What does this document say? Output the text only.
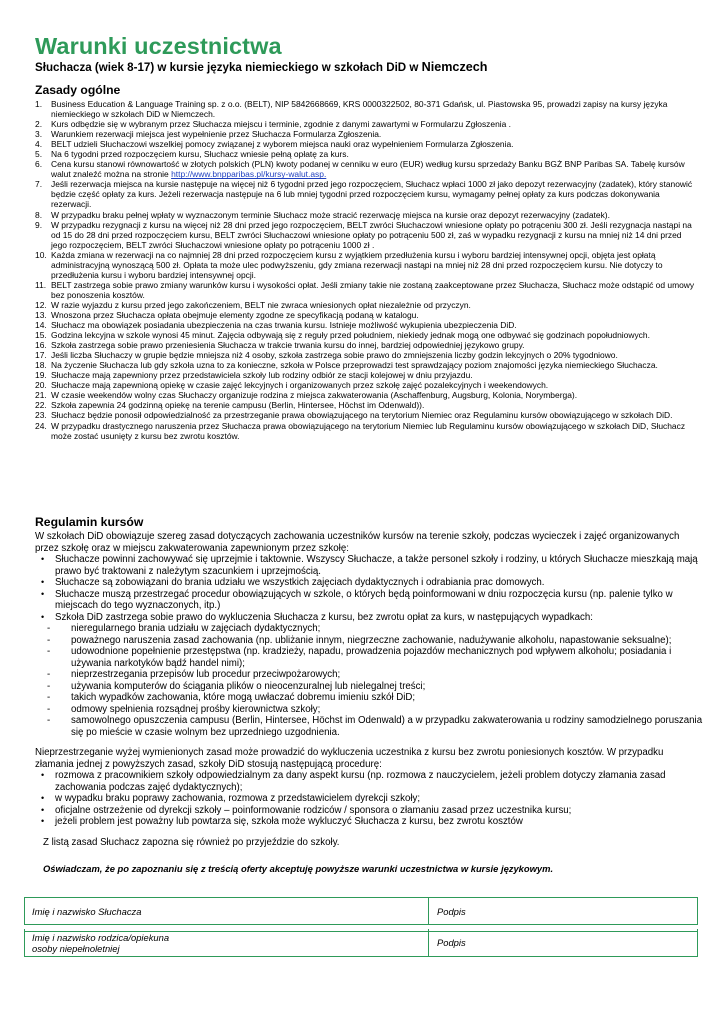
Warunki uczestnictwa
Słuchacza (wiek 8-17) w kursie języka niemieckiego w szkołach DiD w Niemczech
Zasady ogólne
1. Business Education & Language Training sp. z o.o. (BELT), NIP 5842668669, KRS 0000322502, 80-371 Gdańsk, ul. Piastowska 95, prowadzi zapisy na kursy języka niemieckiego w szkołach DiD w Niemczech.
2. Kurs odbędzie się w wybranym przez Słuchacza miejscu i terminie, zgodnie z danymi zawartymi w Formularzu Zgłoszenia .
3. Warunkiem rezerwacji miejsca jest wypełnienie przez Słuchacza Formularza Zgłoszenia.
4. BELT udzieli Słuchaczowi wszelkiej pomocy związanej z wyborem miejsca nauki oraz wypełnieniem Formularza Zgłoszenia.
5. Na 6 tygodni przed rozpoczęciem kursu, Słuchacz wniesie pełną opłatę za kurs.
6. Cena kursu stanowi równowartość w złotych polskich (PLN) kwoty podanej w cenniku w euro (EUR) według kursu sprzedaży Banku BGŻ BNP Paribas SA. Tabelę kursów walut znaleźć można na stronie http://www.bnpparibas.pl/kursy-walut.asp.
7. Jeśli rezerwacja miejsca na kursie następuje na więcej niż 6 tygodni przed jego rozpoczęciem, Słuchacz wpłaci 1000 zł jako depozyt rezerwacyjny (zadatek), który stanowić będzie część opłaty za kurs. Jeżeli rezerwacja następuje na 6 lub mniej tygodni przed rozpoczęciem kursu, wymagamy pełnej opłaty za kurs podczas dokonywania rezerwacji.
8. W przypadku braku pełnej wpłaty w wyznaczonym terminie Słuchacz może stracić rezerwację miejsca na kursie oraz depozyt rezerwacyjny (zadatek).
9. W przypadku rezygnacji z kursu na więcej niż 28 dni przed jego rozpoczęciem, BELT zwróci Słuchaczowi wniesione opłaty po potrąceniu 300 zł. Jeśli rezygnacja nastąpi na od 15 do 28 dni przed rozpoczęciem kursu, BELT zwróci Słuchaczowi wniesione opłaty po potrąceniu 500 zł, zaś w wypadku rezygnacji z kursu na mniej niż 14 dni przed jego rozpoczęciem, BELT zwróci Słuchaczowi wniesione opłaty po potrąceniu 1000 zł .
10. Każda zmiana w rezerwacji na co najmniej 28 dni przed rozpoczęciem kursu z wyjątkiem przedłużenia kursu i wyboru bardziej intensywnej opcji, objęta jest opłatą administracyjną wynoszącą 500 zł. Opłata ta może ulec podwyższeniu, gdy zmiana rezerwacji nastąpi na mniej niż 28 dni przed rozpoczęciem kursu. Nie dotyczy to przedłużenia kursu i wyboru bardziej intensywnej opcji.
11. BELT zastrzega sobie prawo zmiany warunków kursu i wysokości opłat. Jeśli zmiany takie nie zostaną zaakceptowane przez Słuchacza, Słuchacz może odstąpić od umowy bez ponoszenia kosztów.
12. W razie wyjazdu z kursu przed jego zakończeniem, BELT nie zwraca wniesionych opłat niezależnie od przyczyn.
13. Wnoszona przez Słuchacza opłata obejmuje elementy zgodne ze specyfikacją podaną w katalogu.
14. Słuchacz ma obowiązek posiadania ubezpieczenia na czas trwania kursu. Istnieje możliwość wykupienia ubezpieczenia DiD.
15. Godzina lekcyjna w szkole wynosi 45 minut. Zajęcia odbywają się z reguły przed południem, niekiedy jednak mogą one odbywać się godzinach popołudniowych.
16. Szkoła zastrzega sobie prawo przeniesienia Słuchacza w trakcie trwania kursu do innej, bardziej odpowiedniej językowo grupy.
17. Jeśli liczba Słuchaczy w grupie będzie mniejsza niż 4 osoby, szkoła zastrzega sobie prawo do zmniejszenia liczby godzin lekcyjnych o 20% tygodniowo.
18. Na życzenie Słuchacza lub gdy szkoła uzna to za konieczne, szkoła w Polsce przeprowadzi test sprawdzający poziom znajomości języka niemieckiego Słuchacza.
19. Słuchacze mają zapewniony przez przedstawiciela szkoły lub rodziny odbiór ze stacji kolejowej w dniu przyjazdu.
20. Słuchacze mają zapewnioną opiekę w czasie zajęć lekcyjnych i organizowanych przez szkołę zajęć pozalekcyjnych i weekendowych.
21. W czasie weekendów wolny czas Słuchaczy organizuje rodzina z miejsca zakwaterowania (Aschaffenburg, Augsburg, Kolonia, Norymberga).
22. Szkoła zapewnia 24 godzinną opiekę na terenie campusu (Berlin, Hintersee, Höchst im Odenwald)).
23. Słuchacz będzie ponosił odpowiedzialność za przestrzeganie prawa obowiązującego na terytorium Niemiec oraz Regulaminu kursów obowiązującego w szkołach DiD.
24. W przypadku drastycznego naruszenia przez Słuchacza prawa obowiązującego na terytorium Niemiec lub Regulaminu kursów obowiązującego w szkołach DiD, Słuchacz może zostać usunięty z kursu bez zwrotu kosztów.
Regulamin kursów

W szkołach DiD obowiązuje szereg zasad dotyczących zachowania uczestników kursów na terenie szkoły, podczas wycieczek i zajęć organizowanych przez szkołę oraz w miejscu zakwaterowania zapewnionym przez szkołę:

• Słuchacze powinni zachowywać się uprzejmie i taktownie. Wszyscy Słuchacze, a także personel szkoły i rodziny, u których Słuchacze mieszkają mają prawo być traktowani z należytym szacunkiem i uprzejmością.
• Słuchacze są zobowiązani do brania udziału we wszystkich zajęciach dydaktycznych i odrabiania prac domowych.
• Słuchacze muszą przestrzegać procedur obowiązujących w szkole, o których będą poinformowani w dniu rozpoczęcia kursu (np. palenie tylko w miejscach do tego wyznaczonych, itp.)
• Szkoła DiD zastrzega sobie prawo do wykluczenia Słuchacza z kursu, bez zwrotu opłat za kurs, w następujących wypadkach:
- nieregularnego brania udziału w zajęciach dydaktycznych;
- poważnego naruszenia zasad zachowania (np. ubliżanie innym, niegrzeczne zachowanie, nadużywanie alkoholu, napastowanie seksualne);
- udowodnione popełnienie przestępstwa (np. kradzieży, napadu, prowadzenia pojazdów mechanicznych pod wpływem alkoholu; posiadania i używania narkotyków bądź handel nimi);
- nieprzestrzegania przepisów lub procedur przeciwpożarowych;
- używania komputerów do ściągania plików o nieocenzuralnej lub nielegalnej treści;
- takich wypadków zachowania, które mogą uwłaczać dobremu imieniu szkół DiD;
- odmowy spełnienia rozsądnej prośby kierownictwa szkoły;
- samowolnego opuszczenia campusu (Berlin, Hintersee, Höchst im Odenwald) a w przypadku zakwaterowania u rodziny samodzielnego poruszania się po mieście w czasie wolnym bez uprzedniego uzgodnienia.

Nieprzestrzeganie wyżej wymienionych zasad może prowadzić do wykluczenia uczestnika z kursu bez zwrotu poniesionych kosztów. W przypadku złamania jednej z powyższych zasad, szkoły DiD stosują następującą procedurę:

• rozmowa z pracownikiem szkoły odpowiedzialnym za dany aspekt kursu (np. rozmowa z nauczycielem, jeżeli problem dotyczy złamania zasad zachowania podczas zajęć dydaktycznych);
• w wypadku braku poprawy zachowania, rozmowa z przedstawicielem dyrekcji szkoły;
• oficjalne ostrzeżenie od dyrekcji szkoły – poinformowanie rodziców / sponsora o złamaniu zasad przez uczestnika kursu;
• jeżeli problem jest poważny lub powtarza się, szkoła może wykluczyć Słuchacza z kursu, bez zwrotu kosztów

Z listą zasad Słuchacz zapozna się również po przyjeździe do szkoły.

Oświadczam, że po zapoznaniu się z treścią oferty akceptuję powyższe warunki uczestnictwa w kursie językowym.

Imię i nazwisko Słuchacza	Podpis
Imię i nazwisko rodzica/opiekuna
osoby niepełnoletniej	Podpis
